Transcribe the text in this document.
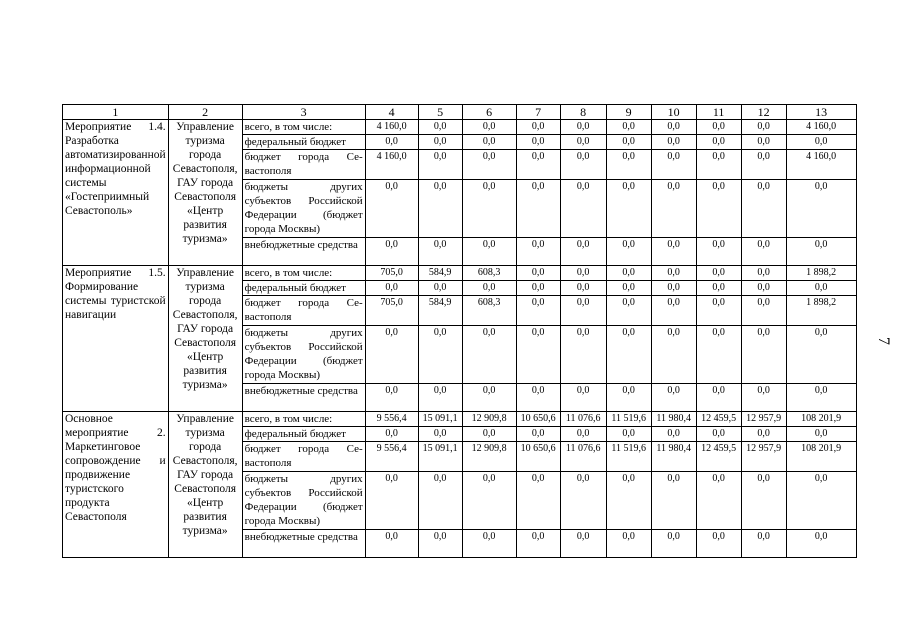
1	2	3	4	5	6	7	8	9	10	11	12	13
Мероприятие 1.4. Разработка автоматизированной информационной системы «Гостеприимный Севастополь»	Управление туризма города Севастополя, ГАУ города Севастополя «Центр развития туризма»	всего, в том числе:	4 160,0	0,0	0,0	0,0	0,0	0,0	0,0	0,0	0,0	4 160,0
		федеральный бюджет	0,0	0,0	0,0	0,0	0,0	0,0	0,0	0,0	0,0	0,0
		бюджет города Се-вастополя	4 160,0	0,0	0,0	0,0	0,0	0,0	0,0	0,0	0,0	4 160,0
		бюджеты других субъектов Российской Федерации (бюджет города Москвы)	0,0	0,0	0,0	0,0	0,0	0,0	0,0	0,0	0,0	0,0
		внебюджетные средства	0,0	0,0	0,0	0,0	0,0	0,0	0,0	0,0	0,0	0,0
Мероприятие 1.5. Формирование системы туристской навигации	Управление туризма города Севастополя, ГАУ города Севастополя «Центр развития туризма»	всего, в том числе:	705,0	584,9	608,3	0,0	0,0	0,0	0,0	0,0	0,0	1 898,2
		федеральный бюджет	0,0	0,0	0,0	0,0	0,0	0,0	0,0	0,0	0,0	0,0
		бюджет города Се-вастополя	705,0	584,9	608,3	0,0	0,0	0,0	0,0	0,0	0,0	1 898,2
		бюджеты других субъектов Российской Федерации (бюджет города Москвы)	0,0	0,0	0,0	0,0	0,0	0,0	0,0	0,0	0,0	0,0
		внебюджетные средства	0,0	0,0	0,0	0,0	0,0	0,0	0,0	0,0	0,0	0,0
Основное мероприятие 2. Маркетинговое сопровождение и продвижение туристского продукта Севастополя	Управление туризма города Севастополя, ГАУ города Севастополя «Центр развития туризма»	всего, в том числе:	9 556,4	15 091,1	12 909,8	10 650,6	11 076,6	11 519,6	11 980,4	12 459,5	12 957,9	108 201,9
		федеральный бюджет	0,0	0,0	0,0	0,0	0,0	0,0	0,0	0,0	0,0	0,0
		бюджет города Се-вастополя	9 556,4	15 091,1	12 909,8	10 650,6	11 076,6	11 519,6	11 980,4	12 459,5	12 957,9	108 201,9
		бюджеты других субъектов Российской Федерации (бюджет города Москвы)	0,0	0,0	0,0	0,0	0,0	0,0	0,0	0,0	0,0	0,0
		внебюджетные средства	0,0	0,0	0,0	0,0	0,0	0,0	0,0	0,0	0,0	0,0
7
